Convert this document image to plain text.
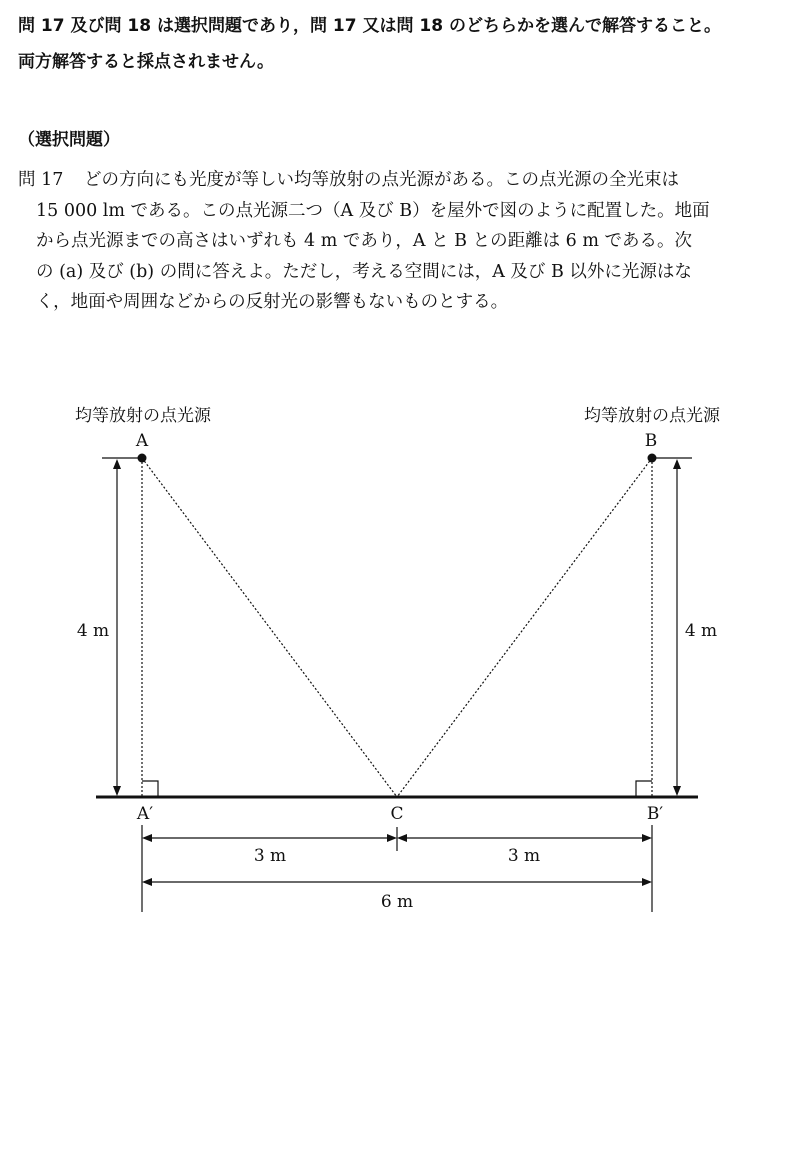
問 17 及び問 18 は選択問題であり，問 17 又は問 18 のどちらかを選んで解答すること。
両方解答すると採点されません。
（選択問題）
問 17 どの方向にも光度が等しい均等放射の点光源がある。この点光源の全光束は
15 000 lm である。この点光源二つ（A 及び B）を屋外で図のように配置した。地面
から点光源までの高さはいずれも 4 m であり，A と B との距離は 6 m である。次
の (a) 及び (b) の問に答えよ。ただし，考える空間には，A 及び B 以外に光源はな
く，地面や周囲などからの反射光の影響もないものとする。
均等放射の点光源	均等放射の点光源
A	B
4 m	4 m
A′	C	B′
3 m	3 m
6 m
